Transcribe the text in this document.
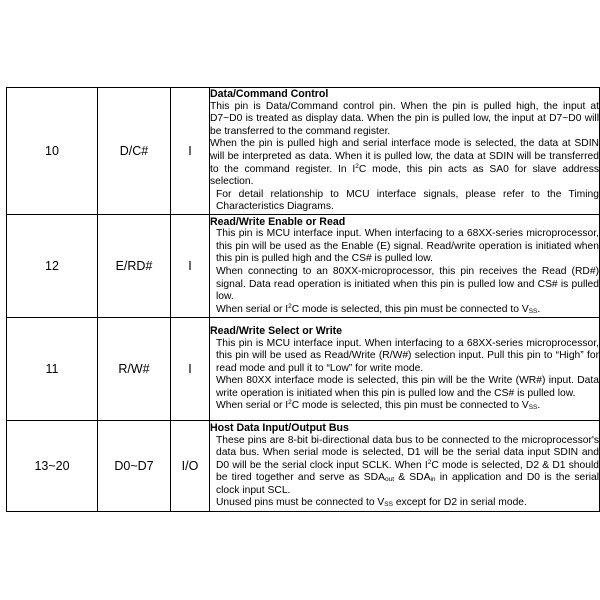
10	D/C#	I	Data/Command Control
This pin is Data/Command control pin. When the pin is pulled high, the input at D7~D0 is treated as display data. When the pin is pulled low, the input at D7~D0 will be transferred to the command register.
When the pin is pulled high and serial interface mode is selected, the data at SDIN will be interpreted as data. When it is pulled low, the data at SDIN will be transferred to the command register. In $I^2C$ mode, this pin acts as SA0 for slave address selection.
For detail relationship to MCU interface signals, please refer to the Timing Characteristics Diagrams.

12	E/RD#	I	Read/Write Enable or Read
This pin is MCU interface input. When interfacing to a 68XX-series microprocessor, this pin will be used as the Enable (E) signal. Read/write operation is initiated when this pin is pulled high and the CS# is pulled low.
When connecting to an 80XX-microprocessor, this pin receives the Read (RD#) signal. Data read operation is initiated when this pin is pulled low and CS# is pulled low.
When serial or $I^2C$ mode is selected, this pin must be connected to $V_{SS}$.

11	R/W#	I	Read/Write Select or Write
This pin is MCU interface input. When interfacing to a 68XX-series microprocessor, this pin will be used as Read/Write (R/W#) selection input. Pull this pin to “High” for read mode and pull it to “Low” for write mode.
When 80XX interface mode is selected, this pin will be the Write (WR#) input. Data write operation is initiated when this pin is pulled low and the CS# is pulled low.
When serial or $I^2C$ mode is selected, this pin must be connected to $V_{SS}$.

13~20	D0~D7	I/O	Host Data Input/Output Bus
These pins are 8-bit bi-directional data bus to be connected to the microprocessor's data bus. When serial mode is selected, D1 will be the serial data input SDIN and D0 will be the serial clock input SCLK. When $I^2C$ mode is selected, D2 & D1 should be tired together and serve as $SDA_{out}$ & $SDA_{in}$ in application and D0 is the serial clock input SCL.
Unused pins must be connected to $V_{SS}$ except for D2 in serial mode.
